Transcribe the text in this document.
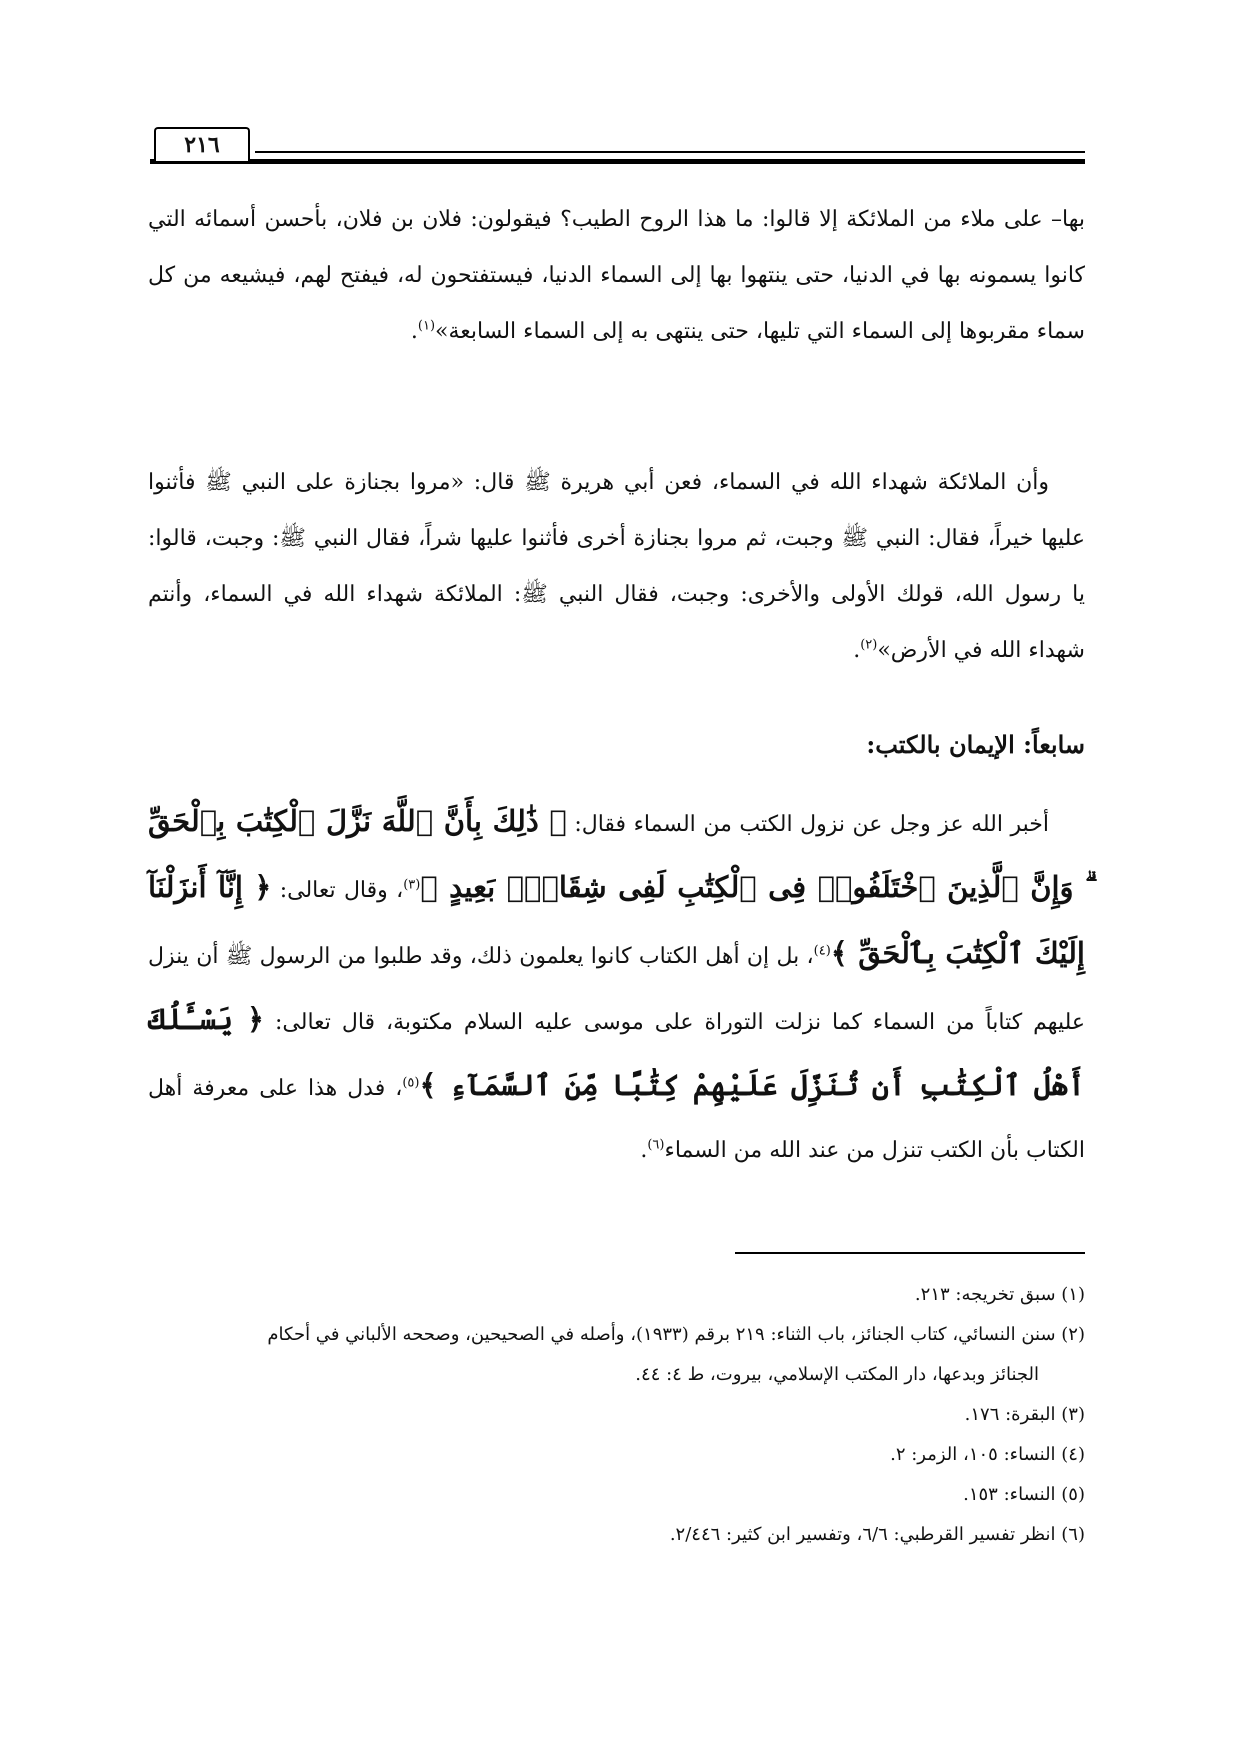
٢١٦

بها– على ملاء من الملائكة إلا قالوا: ما هذا الروح الطيب؟ فيقولون: فلان بن فلان، بأحسن أسمائه التي كانوا يسمونه بها في الدنيا، حتى ينتهوا بها إلى السماء الدنيا، فيستفتحون له، فيفتح لهم، فيشيعه من كل سماء مقربوها إلى السماء التي تليها، حتى ينتهى به إلى السماء السابعة»$^{(١)}$.

وأن الملائكة شهداء الله في السماء، فعن أبي هريرة ﷺ قال: «مروا بجنازة على النبي ﷺ فأثنوا عليها خيراً، فقال: النبي ﷺ وجبت، ثم مروا بجنازة أخرى فأثنوا عليها شراً، فقال النبي ﷺ: وجبت، قالوا: يا رسول الله، قولك الأولى والأخرى: وجبت، فقال النبي ﷺ: الملائكة شهداء الله في السماء، وأنتم شهداء الله في الأرض»$^{(٢)}$.

سابعاً: الإيمان بالكتب:

أخبر الله عز وجل عن نزول الكتب من السماء فقال: ﴿ ذَٰلِكَ بِأَنَّ ٱللَّهَ نَزَّلَ ٱلْكِتَٰبَ بِٱلْحَقِّ ۗ وَإِنَّ ٱلَّذِينَ ٱخْتَلَفُوا۟ فِى ٱلْكِتَٰبِ لَفِى شِقَاقٍۭ بَعِيدٍ ﴾$^{(٣)}$، وقال تعالى: ﴿ إِنَّآ أَنزَلْنَآ إِلَيْكَ ٱلْكِتَٰبَ بِٱلْحَقِّ ﴾$^{(٤)}$، بل إن أهل الكتاب كانوا يعلمون ذلك، وقد طلبوا من الرسول ﷺ أن ينزل عليهم كتاباً من السماء كما نزلت التوراة على موسى عليه السلام مكتوبة، قال تعالى: ﴿ يَسْـَٔلُكَ أَهْلُ ٱلْكِتَٰبِ أَن تُنَزِّلَ عَلَيْهِمْ كِتَٰبًا مِّنَ ٱلسَّمَآءِ ﴾$^{(٥)}$، فدل هذا على معرفة أهل الكتاب بأن الكتب تنزل من عند الله من السماء$^{(٦)}$.

(١) سبق تخريجه: ٢١٣.

(٢) سنن النسائي، كتاب الجنائز، باب الثناء: ٢١٩ برقم (١٩٣٣)، وأصله في الصحيحين، وصححه الألباني في أحكام

الجنائز وبدعها، دار المكتب الإسلامي، بيروت، ط ٤: ٤٤.

(٣) البقرة: ١٧٦.

(٤) النساء: ١٠٥، الزمر: ٢.

(٥) النساء: ١٥٣.

(٦) انظر تفسير القرطبي: ٦/٦، وتفسير ابن كثير: ٢/٤٤٦.
